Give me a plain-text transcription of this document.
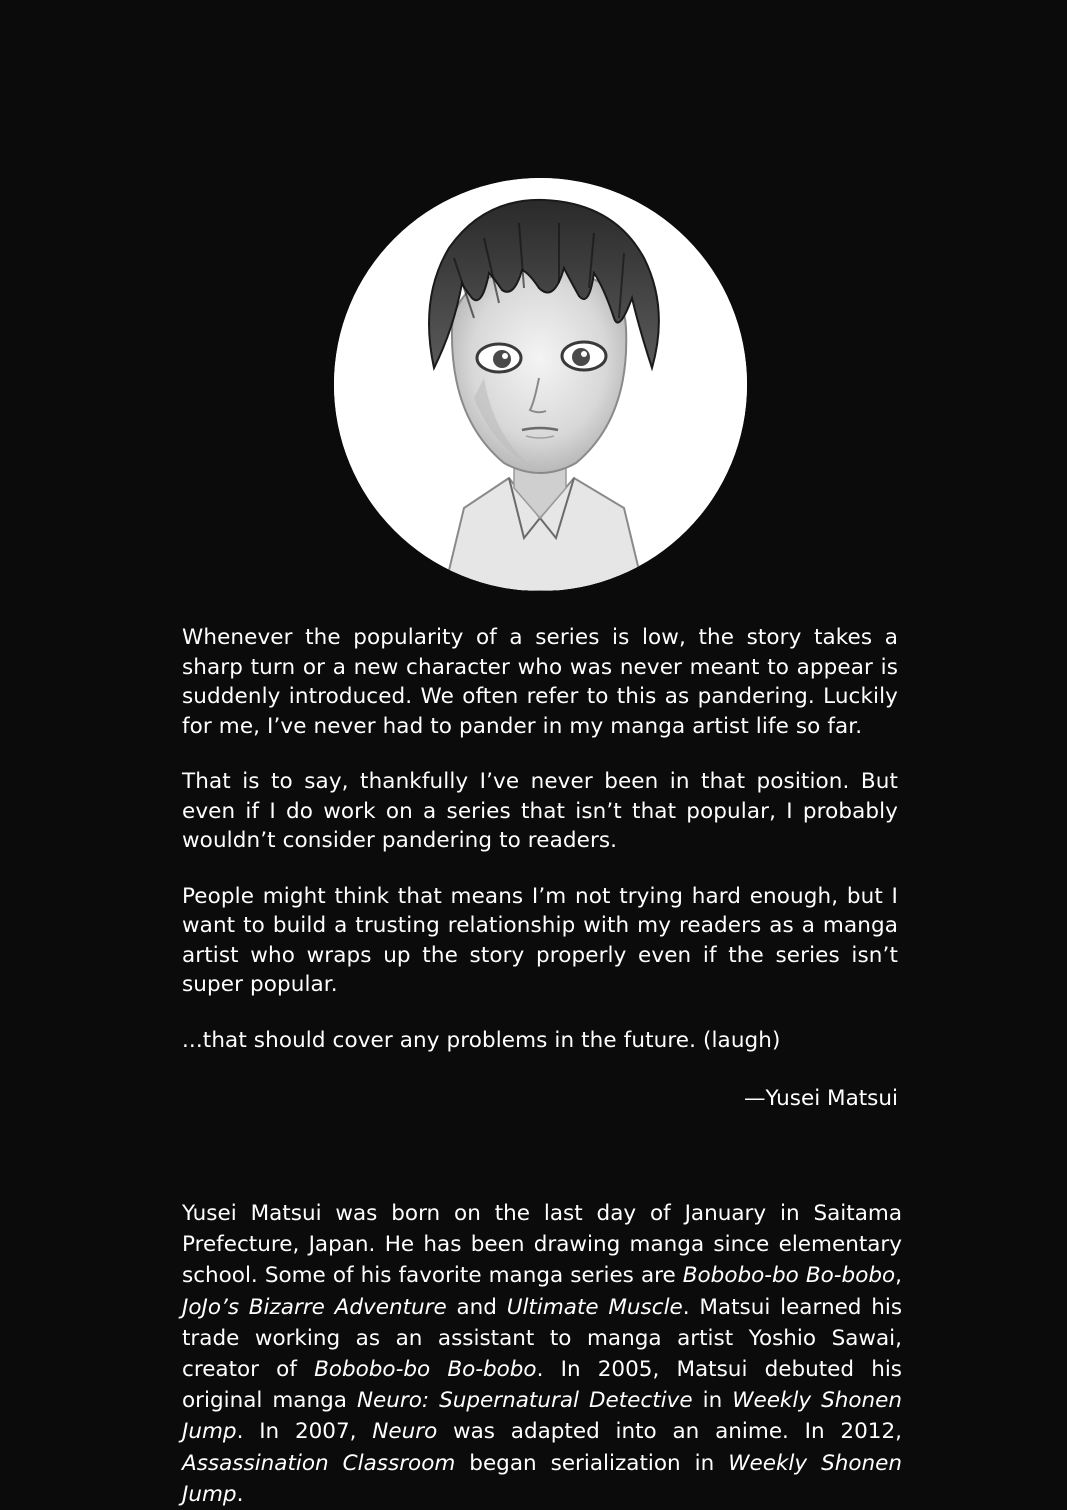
Whenever the popularity of a series is low, the story takes a sharp turn or a new character who was never meant to appear is suddenly introduced. We often refer to this as pandering. Luckily for me, I’ve never had to pander in my manga artist life so far.

That is to say, thankfully I’ve never been in that position. But even if I do work on a series that isn’t that popular, I probably wouldn’t consider pandering to readers.

People might think that means I’m not trying hard enough, but I want to build a trusting relationship with my readers as a manga artist who wraps up the story properly even if the series isn’t super popular.

...that should cover any problems in the future. (laugh)

—Yusei Matsui

Yusei Matsui was born on the last day of January in Saitama Prefecture, Japan. He has been drawing manga since elementary school. Some of his favorite manga series are Bobobo-bo Bo-bobo, JoJo’s Bizarre Adventure and Ultimate Muscle. Matsui learned his trade working as an assistant to manga artist Yoshio Sawai, creator of Bobobo-bo Bo-bobo. In 2005, Matsui debuted his original manga Neuro: Supernatural Detective in Weekly Shonen Jump. In 2007, Neuro was adapted into an anime. In 2012, Assassination Classroom began serialization in Weekly Shonen Jump.
